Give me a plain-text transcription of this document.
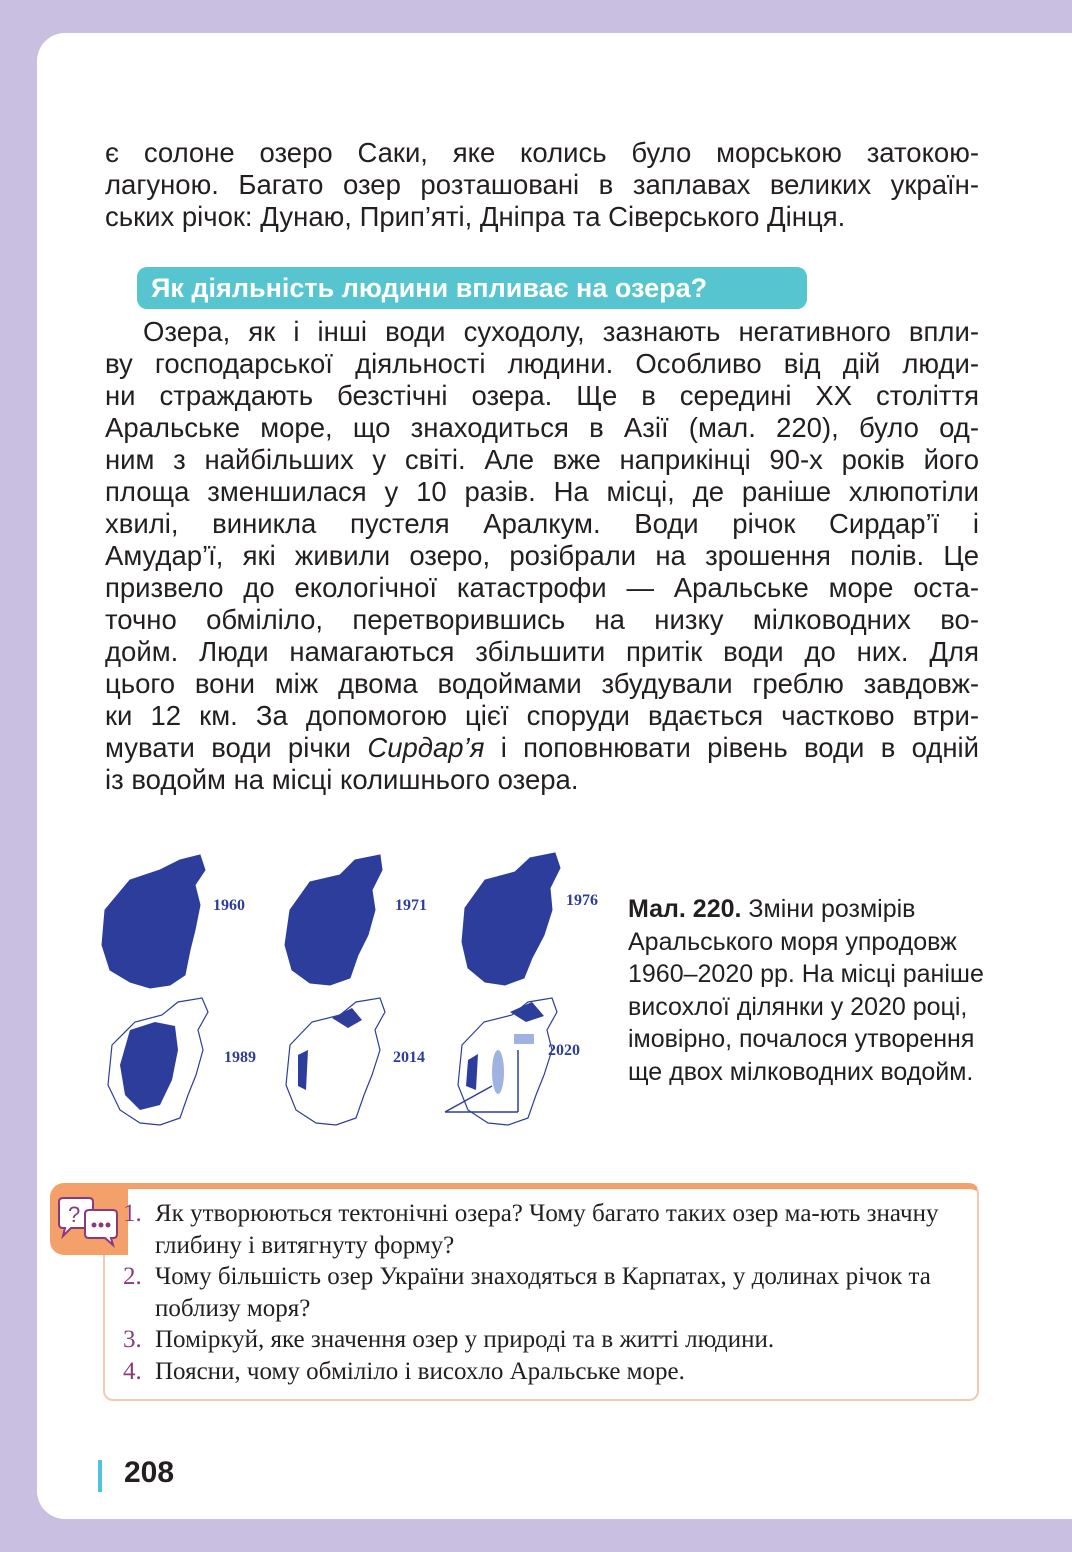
є солоне озеро Саки, яке колись було морською затокою-

лагуною. Багато озер розташовані в заплавах великих україн-

ських річок: Дунаю, Прип’яті, Дніпра та Сіверського Дінця.

Як діяльність людини впливає на озера?

Озера, як і інші води суходолу, зазнають негативного впли-

ву господарської діяльності людини. Особливо від дій люди-

ни страждають безстічні озера. Ще в середині XX століття

Аральське море, що знаходиться в Азії (мал. 220), було од-

ним з найбільших у світі. Але вже наприкінці 90-х років його

площа зменшилася у 10 разів. На місці, де раніше хлюпотіли

хвилі, виникла пустеля Аралкум. Води річок Сирдар’ї і

Амудар’ї, які живили озеро, розібрали на зрошення полів. Це

призвело до екологічної катастрофи — Аральське море оста-

точно обміліло, перетворившись на низку мілководних во-

дойм. Люди намагаються збільшити притік води до них. Для

цього вони між двома водоймами збудували греблю завдовж-

ки 12 км. За допомогою цієї споруди вдається частково втри-

мувати води річки Сирдар’я і поповнювати рівень води в одній

із водойм на місці колишнього озера.

1960	1971	1976
1989	2014	2020
Мал. 220. Зміни розмірів Аральського моря упродовж 1960–2020 рр. На місці раніше висохлої ділянки у 2020 році, імовірно, почалося утворення ще двох мілководних водойм.
? 1. Як утворюються тектонічні озера? Чому багато таких озер ма-ють значну глибину і витягнуту форму?
2. Чому більшість озер України знаходяться в Карпатах, у долинах річок та поблизу моря?
3. Поміркуй, яке значення озер у природі та в житті людини.
4. Поясни, чому обміліло і висохло Аральське море.
208
